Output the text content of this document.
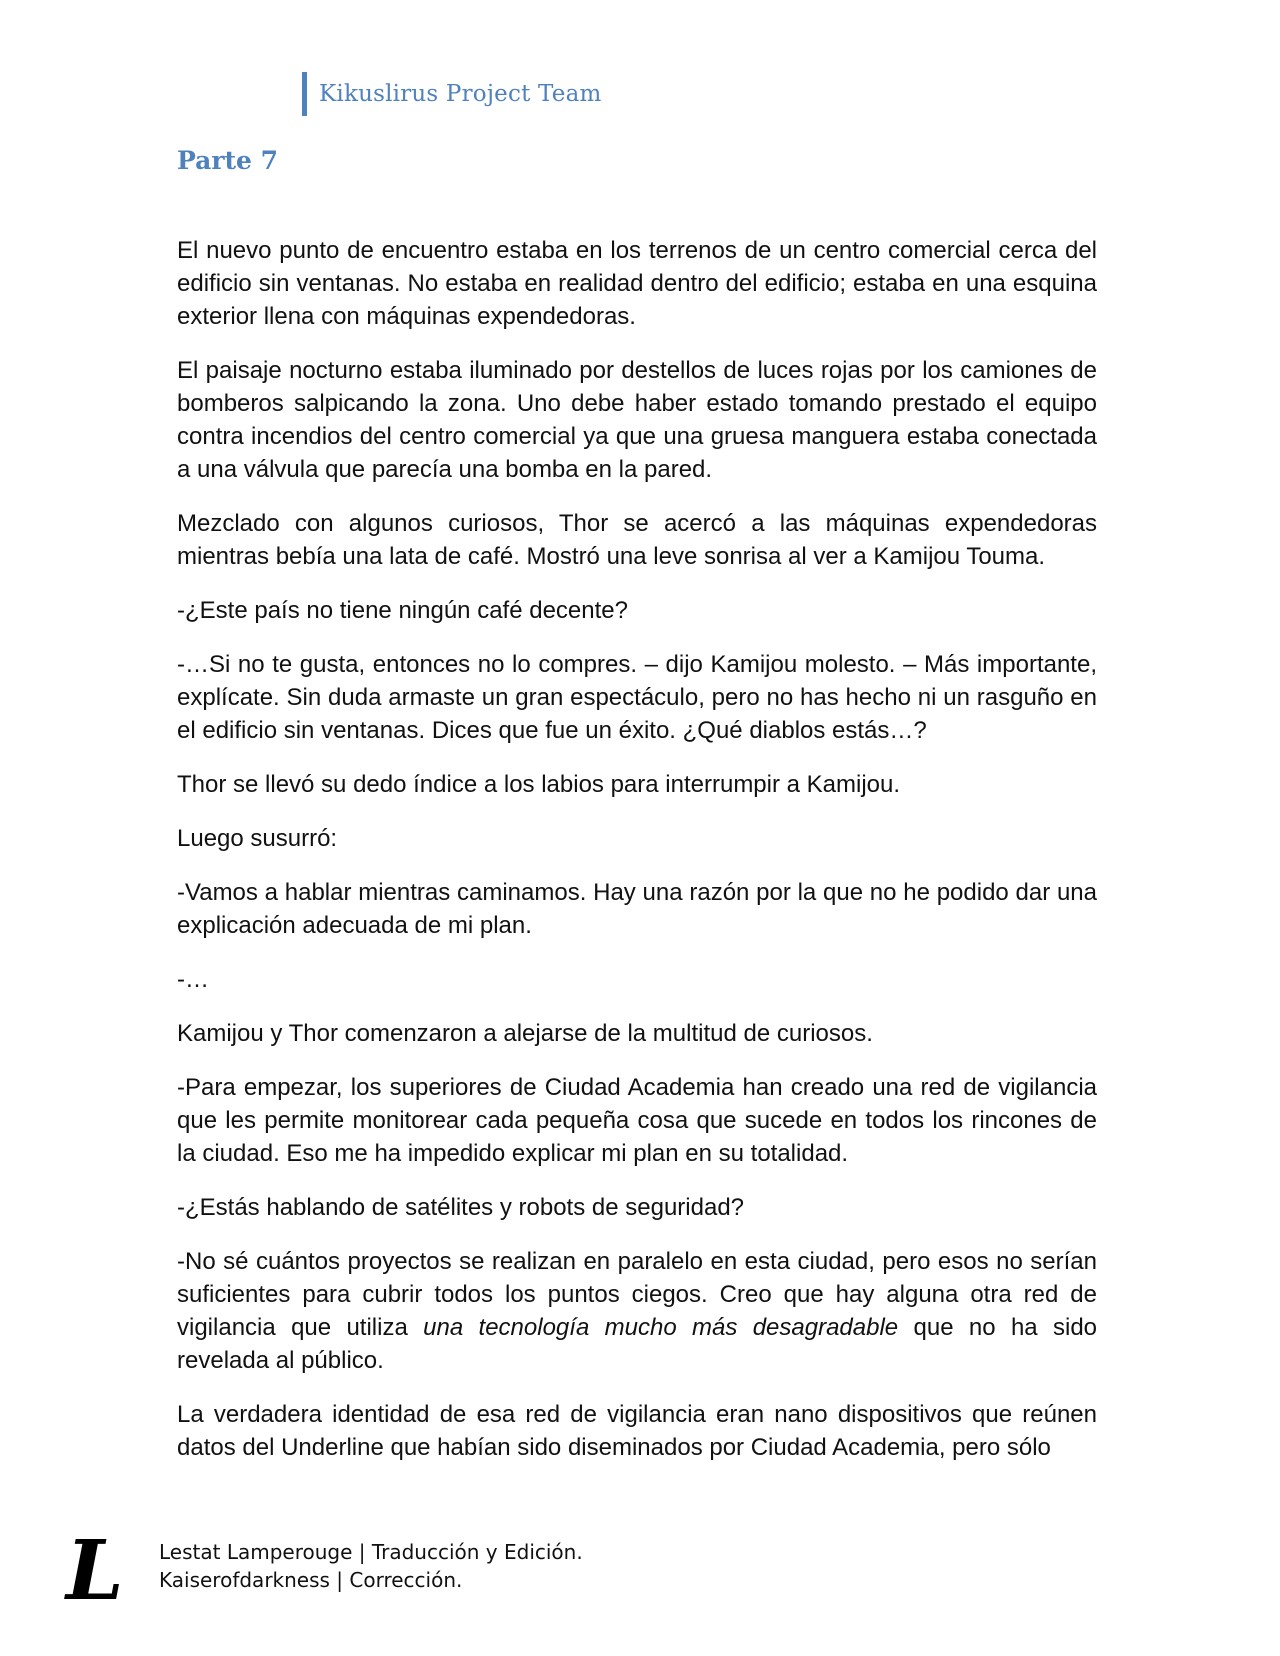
Kikuslirus Project Team
Parte 7

El nuevo punto de encuentro estaba en los terrenos de un centro comercial cerca del edificio sin ventanas. No estaba en realidad dentro del edificio; estaba en una esquina exterior llena con máquinas expendedoras.

El paisaje nocturno estaba iluminado por destellos de luces rojas por los camiones de bomberos salpicando la zona. Uno debe haber estado tomando prestado el equipo contra incendios del centro comercial ya que una gruesa manguera estaba conectada a una válvula que parecía una bomba en la pared.

Mezclado con algunos curiosos, Thor se acercó a las máquinas expendedoras mientras bebía una lata de café. Mostró una leve sonrisa al ver a Kamijou Touma.

-¿Este país no tiene ningún café decente?

-…Si no te gusta, entonces no lo compres. – dijo Kamijou molesto. – Más importante, explícate. Sin duda armaste un gran espectáculo, pero no has hecho ni un rasguño en el edificio sin ventanas. Dices que fue un éxito. ¿Qué diablos estás…?

Thor se llevó su dedo índice a los labios para interrumpir a Kamijou.

Luego susurró:

-Vamos a hablar mientras caminamos. Hay una razón por la que no he podido dar una explicación adecuada de mi plan.

-…

Kamijou y Thor comenzaron a alejarse de la multitud de curiosos.

-Para empezar, los superiores de Ciudad Academia han creado una red de vigilancia que les permite monitorear cada pequeña cosa que sucede en todos los rincones de la ciudad. Eso me ha impedido explicar mi plan en su totalidad.

-¿Estás hablando de satélites y robots de seguridad?

-No sé cuántos proyectos se realizan en paralelo en esta ciudad, pero esos no serían suficientes para cubrir todos los puntos ciegos. Creo que hay alguna otra red de vigilancia que utiliza una tecnología mucho más desagradable que no ha sido revelada al público.

La verdadera identidad de esa red de vigilancia eran nano dispositivos que reúnen datos del Underline que habían sido diseminados por Ciudad Academia, pero sólo

L Lestat Lamperouge | Traducción y Edición.
Kaiserofdarkness | Corrección.
